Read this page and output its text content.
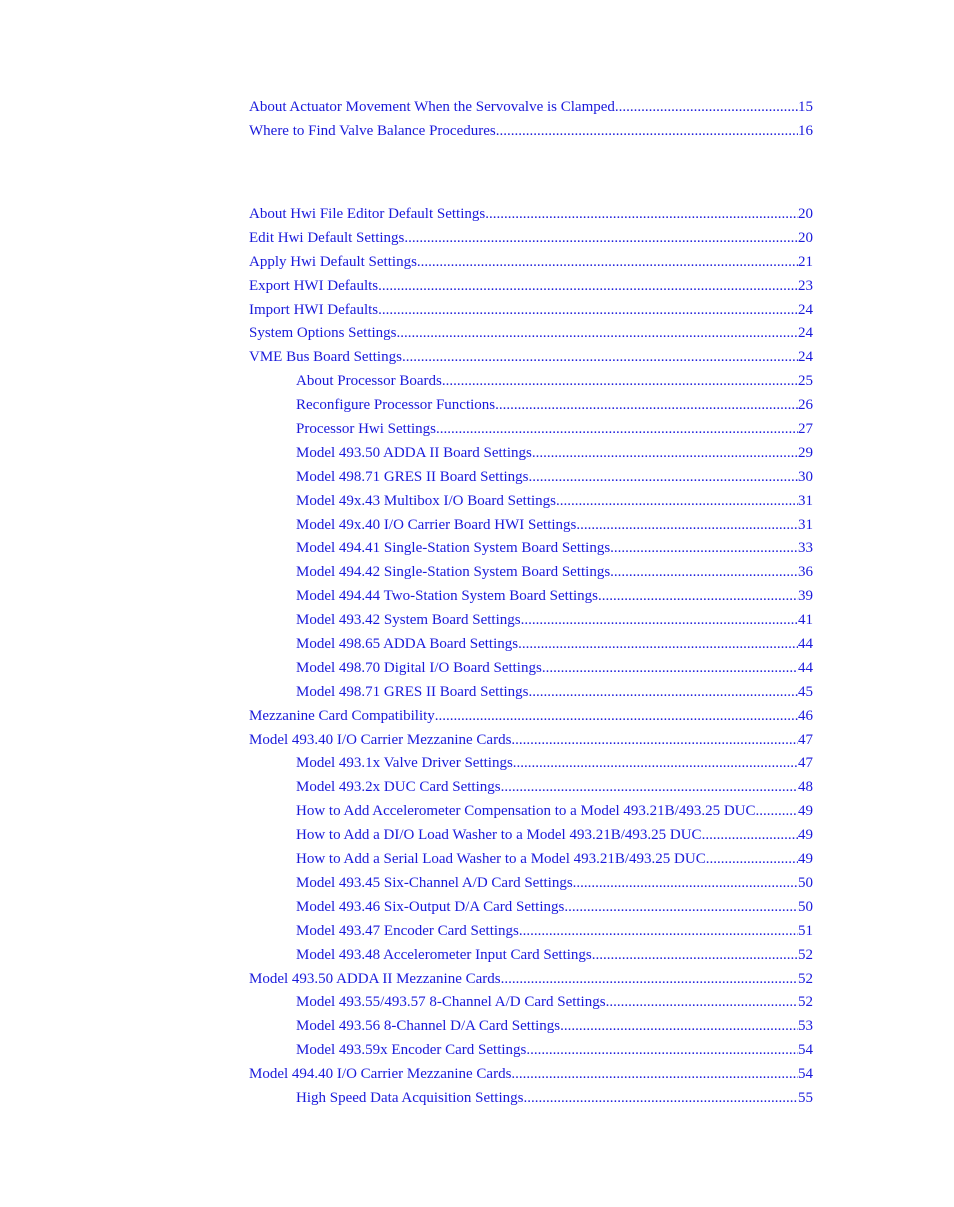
About Actuator Movement When the Servovalve is Clamped .....	15
Where to Find Valve Balance Procedures .....	16
About Hwi File Editor Default Settings .....	20
Edit Hwi Default Settings .....	20
Apply Hwi Default Settings .....	21
Export HWI Defaults .....	23
Import HWI Defaults .....	24
System Options Settings .....	24
VME Bus Board Settings .....	24
About Processor Boards .....	25
Reconfigure Processor Functions .....	26
Processor Hwi Settings .....	27
Model 493.50 ADDA II Board Settings .....	29
Model 498.71 GRES II Board Settings .....	30
Model 49x.43 Multibox I/O Board Settings .....	31
Model 49x.40 I/O Carrier Board HWI Settings .....	31
Model 494.41 Single-Station System Board Settings .....	33
Model 494.42 Single-Station System Board Settings .....	36
Model 494.44 Two-Station System Board Settings .....	39
Model 493.42 System Board Settings .....	41
Model 498.65 ADDA Board Settings .....	44
Model 498.70 Digital I/O Board Settings .....	44
Model 498.71 GRES II Board Settings .....	45
Mezzanine Card Compatibility .....	46
Model 493.40 I/O Carrier Mezzanine Cards .....	47
Model 493.1x Valve Driver Settings .....	47
Model 493.2x DUC Card Settings .....	48
How to Add Accelerometer Compensation to a Model 493.21B/493.25 DUC .....	49
How to Add a DI/O Load Washer to a Model 493.21B/493.25 DUC .....	49
How to Add a Serial Load Washer to a Model 493.21B/493.25 DUC .....	49
Model 493.45 Six-Channel A/D Card Settings .....	50
Model 493.46 Six-Output D/A Card Settings .....	50
Model 493.47 Encoder Card Settings .....	51
Model 493.48 Accelerometer Input Card Settings .....	52
Model 493.50 ADDA II Mezzanine Cards .....	52
Model 493.55/493.57 8-Channel A/D Card Settings .....	52
Model 493.56 8-Channel D/A Card Settings .....	53
Model 493.59x Encoder Card Settings .....	54
Model 494.40 I/O Carrier Mezzanine Cards .....	54
High Speed Data Acquisition Settings .....	55
